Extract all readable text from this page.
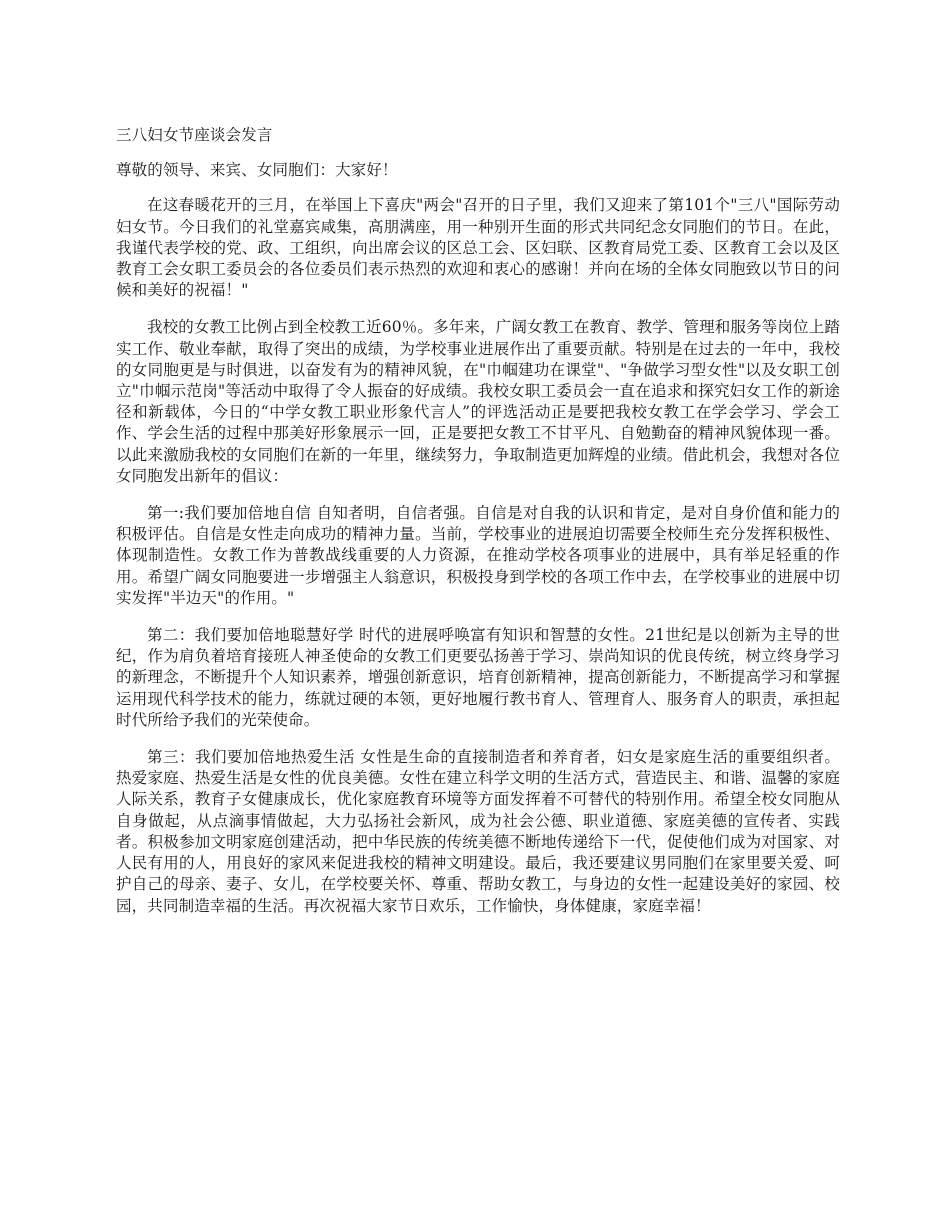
三八妇女节座谈会发言
尊敬的领导、来宾、女同胞们：大家好！

在这春暖花开的三月，在举国上下喜庆"两会"召开的日子里，我们又迎来了第101个"三八"国际劳动妇女节。今日我们的礼堂嘉宾咸集，高朋满座，用一种别开生面的形式共同纪念女同胞们的节日。在此，我谨代表学校的党、政、工组织，向出席会议的区总工会、区妇联、区教育局党工委、区教育工会以及区教育工会女职工委员会的各位委员们表示热烈的欢迎和衷心的感谢！并向在场的全体女同胞致以节日的问候和美好的祝福！"

我校的女教工比例占到全校教工近60％。多年来，广阔女教工在教育、教学、管理和服务等岗位上踏实工作、敬业奉献，取得了突出的成绩，为学校事业进展作出了重要贡献。特别是在过去的一年中，我校的女同胞更是与时俱进，以奋发有为的精神风貌，在"巾帼建功在课堂"、"争做学习型女性"以及女职工创立"巾帼示范岗"等活动中取得了令人振奋的好成绩。我校女职工委员会一直在追求和探究妇女工作的新途径和新载体，今日的“中学女教工职业形象代言人”的评选活动正是要把我校女教工在学会学习、学会工作、学会生活的过程中那美好形象展示一回，正是要把女教工不甘平凡、自勉勤奋的精神风貌体现一番。以此来激励我校的女同胞们在新的一年里，继续努力，争取制造更加辉煌的业绩。借此机会，我想对各位女同胞发出新年的倡议：

第一:我们要加倍地自信 自知者明，自信者强。自信是对自我的认识和肯定，是对自身价值和能力的积极评估。自信是女性走向成功的精神力量。当前，学校事业的进展迫切需要全校师生充分发挥积极性、体现制造性。女教工作为普教战线重要的人力资源，在推动学校各项事业的进展中，具有举足轻重的作用。希望广阔女同胞要进一步增强主人翁意识，积极投身到学校的各项工作中去，在学校事业的进展中切实发挥"半边天"的作用。"

第二：我们要加倍地聪慧好学 时代的进展呼唤富有知识和智慧的女性。21世纪是以创新为主导的世纪，作为肩负着培育接班人神圣使命的女教工们更要弘扬善于学习、崇尚知识的优良传统，树立终身学习的新理念，不断提升个人知识素养，增强创新意识，培育创新精神，提高创新能力，不断提高学习和掌握运用现代科学技术的能力，练就过硬的本领，更好地履行教书育人、管理育人、服务育人的职责，承担起时代所给予我们的光荣使命。

第三：我们要加倍地热爱生活 女性是生命的直接制造者和养育者，妇女是家庭生活的重要组织者。热爱家庭、热爱生活是女性的优良美德。女性在建立科学文明的生活方式，营造民主、和谐、温馨的家庭人际关系，教育子女健康成长，优化家庭教育环境等方面发挥着不可替代的特别作用。希望全校女同胞从自身做起，从点滴事情做起，大力弘扬社会新风，成为社会公德、职业道德、家庭美德的宣传者、实践者。积极参加文明家庭创建活动，把中华民族的传统美德不断地传递给下一代，促使他们成为对国家、对人民有用的人，用良好的家风来促进我校的精神文明建设。最后，我还要建议男同胞们在家里要关爱、呵护自己的母亲、妻子、女儿，在学校要关怀、尊重、帮助女教工，与身边的女性一起建设美好的家园、校园，共同制造幸福的生活。再次祝福大家节日欢乐，工作愉快，身体健康，家庭幸福！
